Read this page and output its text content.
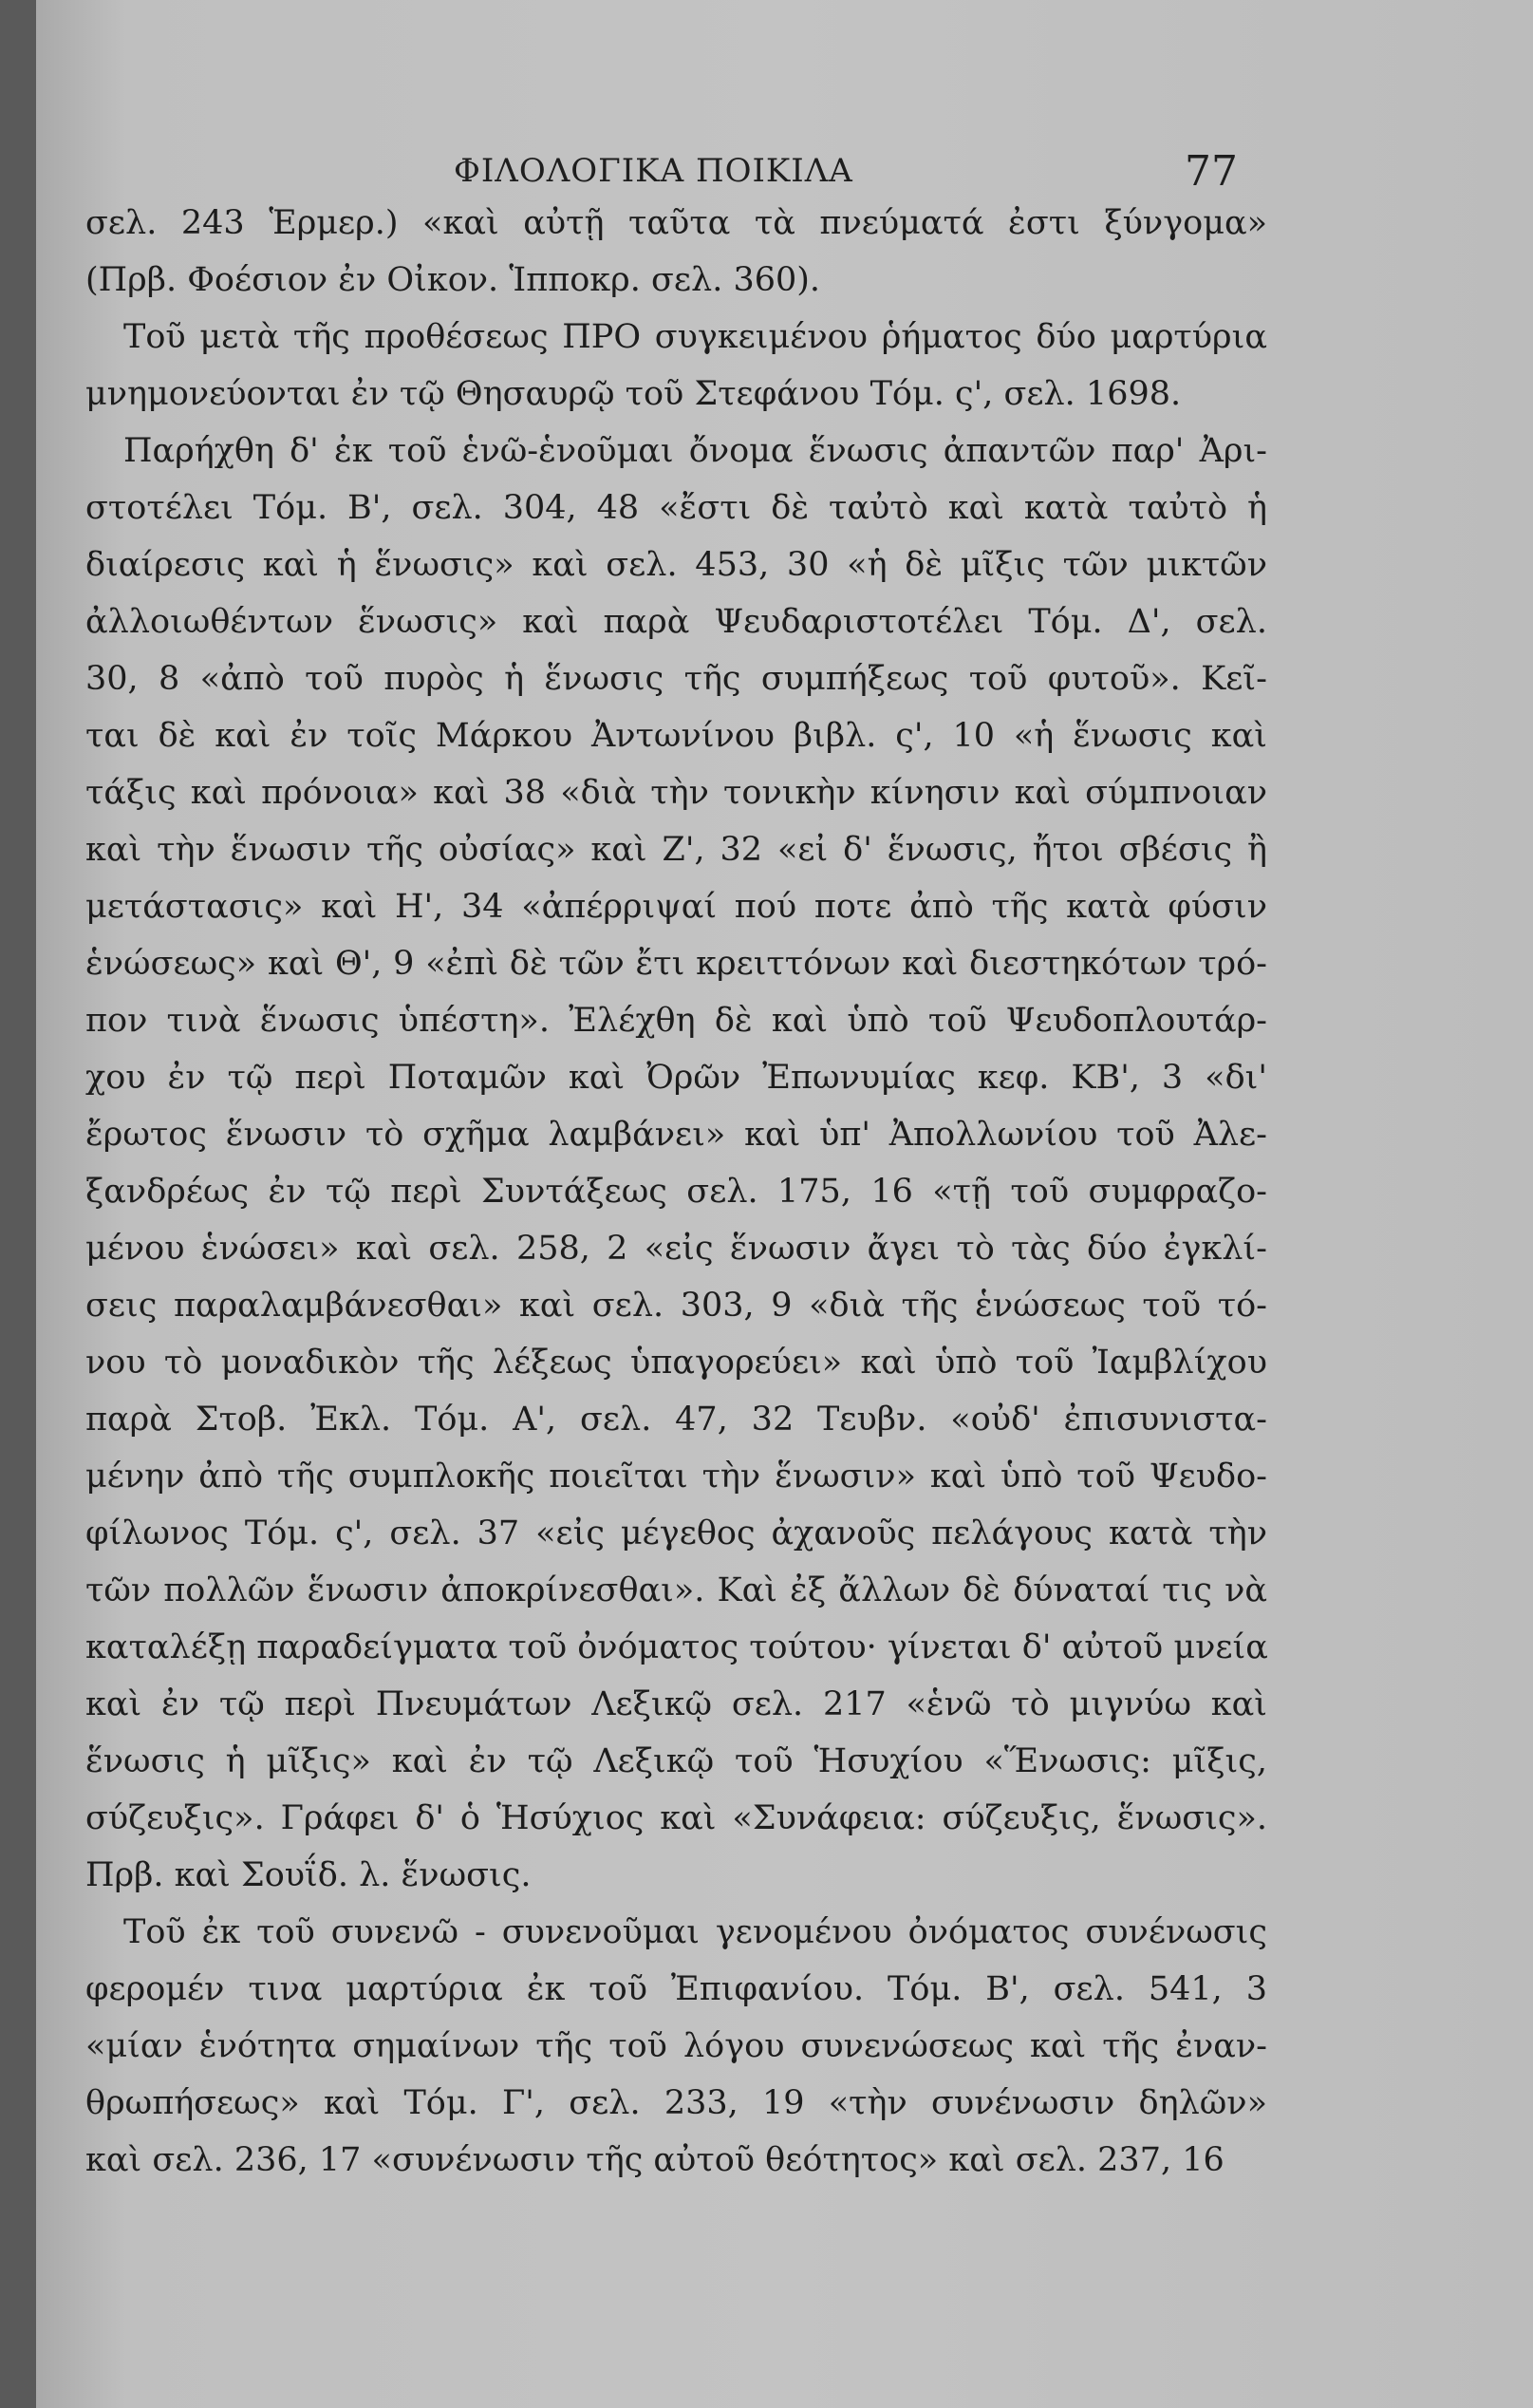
ΦΙΛΟΛΟΓΙΚΑ ΠΟΙΚΙΛΑ	77
σελ. 243 Ἑρμερ.) «καὶ αὐτῇ ταῦτα τὰ πνεύματά ἐστι ξύνγομα»
(Πρβ. Φοέσιον ἐν Οἰκον. Ἱπποκρ. σελ. 360).
Τοῦ μετὰ τῆς προθέσεως ΠΡΟ συγκειμένου ῥήματος δύο μαρτύρια
μνημονεύονται ἐν τῷ Θησαυρῷ τοῦ Στεφάνου Τόμ. ς', σελ. 1698.
Παρήχθη δ' ἐκ τοῦ ἑνῶ-ἑνοῦμαι ὄνομα ἕνωσις ἀπαντῶν παρ' Ἀρι-
στοτέλει Τόμ. Β', σελ. 304, 48 «ἔστι δὲ ταὐτὸ καὶ κατὰ ταὐτὸ ἡ
διαίρεσις καὶ ἡ ἕνωσις» καὶ σελ. 453, 30 «ἡ δὲ μῖξις τῶν μικτῶν
ἀλλοιωθέντων ἕνωσις» καὶ παρὰ Ψευδαριστοτέλει Τόμ. Δ', σελ.
30, 8 «ἀπὸ τοῦ πυρὸς ἡ ἕνωσις τῆς συμπήξεως τοῦ φυτοῦ». Κεῖ-
ται δὲ καὶ ἐν τοῖς Μάρκου Ἀντωνίνου βιβλ. ς', 10 «ἡ ἕνωσις καὶ
τάξις καὶ πρόνοια» καὶ 38 «διὰ τὴν τονικὴν κίνησιν καὶ σύμπνοιαν
καὶ τὴν ἕνωσιν τῆς οὐσίας» καὶ Ζ', 32 «εἰ δ' ἕνωσις, ἤτοι σβέσις ἢ
μετάστασις» καὶ Η', 34 «ἀπέρριψαί πού ποτε ἀπὸ τῆς κατὰ φύσιν
ἑνώσεως» καὶ Θ', 9 «ἐπὶ δὲ τῶν ἔτι κρειττόνων καὶ διεστηκότων τρό-
πον τινὰ ἕνωσις ὑπέστη». Ἐλέχθη δὲ καὶ ὑπὸ τοῦ Ψευδοπλουτάρ-
χου ἐν τῷ περὶ Ποταμῶν καὶ Ὀρῶν Ἐπωνυμίας κεφ. ΚΒ', 3 «δι'
ἔρωτος ἕνωσιν τὸ σχῆμα λαμβάνει» καὶ ὑπ' Ἀπολλωνίου τοῦ Ἀλε-
ξανδρέως ἐν τῷ περὶ Συντάξεως σελ. 175, 16 «τῇ τοῦ συμφραζο-
μένου ἑνώσει» καὶ σελ. 258, 2 «εἰς ἕνωσιν ἄγει τὸ τὰς δύο ἐγκλί-
σεις παραλαμβάνεσθαι» καὶ σελ. 303, 9 «διὰ τῆς ἑνώσεως τοῦ τό-
νου τὸ μοναδικὸν τῆς λέξεως ὑπαγορεύει» καὶ ὑπὸ τοῦ Ἰαμβλίχου
παρὰ Στοβ. Ἐκλ. Τόμ. Α', σελ. 47, 32 Τευβν. «οὐδ' ἐπισυνιστα-
μένην ἀπὸ τῆς συμπλοκῆς ποιεῖται τὴν ἕνωσιν» καὶ ὑπὸ τοῦ Ψευδο-
φίλωνος Τόμ. ς', σελ. 37 «εἰς μέγεθος ἀχανοῦς πελάγους κατὰ τὴν
τῶν πολλῶν ἕνωσιν ἀποκρίνεσθαι». Καὶ ἐξ ἄλλων δὲ δύναταί τις νὰ
καταλέξῃ παραδείγματα τοῦ ὀνόματος τούτου· γίνεται δ' αὐτοῦ μνεία
καὶ ἐν τῷ περὶ Πνευμάτων Λεξικῷ σελ. 217 «ἑνῶ τὸ μιγνύω καὶ
ἕνωσις ἡ μῖξις» καὶ ἐν τῷ Λεξικῷ τοῦ Ἡσυχίου «Ἕνωσις: μῖξις,
σύζευξις». Γράφει δ' ὁ Ἡσύχιος καὶ «Συνάφεια: σύζευξις, ἕνωσις».
Πρβ. καὶ Σουΐδ. λ. ἕνωσις.
Τοῦ ἐκ τοῦ συνενῶ - συνενοῦμαι γενομένου ὀνόματος συνένωσις
φερομέν τινα μαρτύρια ἐκ τοῦ Ἐπιφανίου. Τόμ. Β', σελ. 541, 3
«μίαν ἑνότητα σημαίνων τῆς τοῦ λόγου συνενώσεως καὶ τῆς ἐναν-
θρωπήσεως» καὶ Τόμ. Γ', σελ. 233, 19 «τὴν συνένωσιν δηλῶν»
καὶ σελ. 236, 17 «συνένωσιν τῆς αὐτοῦ θεότητος» καὶ σελ. 237, 16
